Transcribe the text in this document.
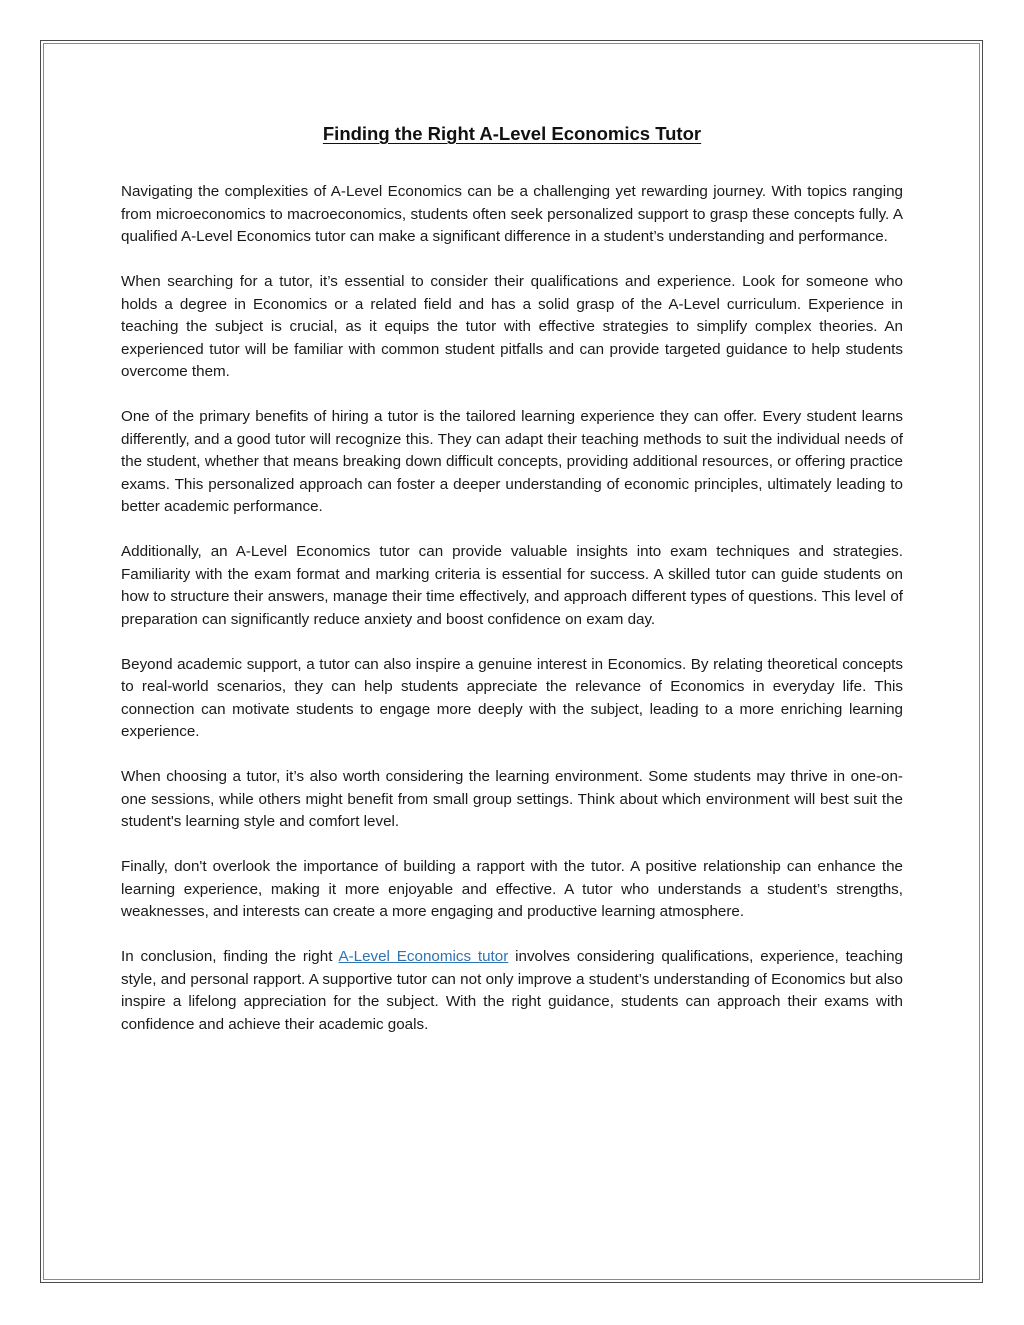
Finding the Right A-Level Economics Tutor

Navigating the complexities of A-Level Economics can be a challenging yet rewarding journey. With topics ranging from microeconomics to macroeconomics, students often seek personalized support to grasp these concepts fully. A qualified A-Level Economics tutor can make a significant difference in a student’s understanding and performance.

When searching for a tutor, it’s essential to consider their qualifications and experience. Look for someone who holds a degree in Economics or a related field and has a solid grasp of the A-Level curriculum. Experience in teaching the subject is crucial, as it equips the tutor with effective strategies to simplify complex theories. An experienced tutor will be familiar with common student pitfalls and can provide targeted guidance to help students overcome them.

One of the primary benefits of hiring a tutor is the tailored learning experience they can offer. Every student learns differently, and a good tutor will recognize this. They can adapt their teaching methods to suit the individual needs of the student, whether that means breaking down difficult concepts, providing additional resources, or offering practice exams. This personalized approach can foster a deeper understanding of economic principles, ultimately leading to better academic performance.

Additionally, an A-Level Economics tutor can provide valuable insights into exam techniques and strategies. Familiarity with the exam format and marking criteria is essential for success. A skilled tutor can guide students on how to structure their answers, manage their time effectively, and approach different types of questions. This level of preparation can significantly reduce anxiety and boost confidence on exam day.

Beyond academic support, a tutor can also inspire a genuine interest in Economics. By relating theoretical concepts to real-world scenarios, they can help students appreciate the relevance of Economics in everyday life. This connection can motivate students to engage more deeply with the subject, leading to a more enriching learning experience.

When choosing a tutor, it’s also worth considering the learning environment. Some students may thrive in one-on-one sessions, while others might benefit from small group settings. Think about which environment will best suit the student's learning style and comfort level.

Finally, don't overlook the importance of building a rapport with the tutor. A positive relationship can enhance the learning experience, making it more enjoyable and effective. A tutor who understands a student’s strengths, weaknesses, and interests can create a more engaging and productive learning atmosphere.

In conclusion, finding the right A-Level Economics tutor involves considering qualifications, experience, teaching style, and personal rapport. A supportive tutor can not only improve a student’s understanding of Economics but also inspire a lifelong appreciation for the subject. With the right guidance, students can approach their exams with confidence and achieve their academic goals.
